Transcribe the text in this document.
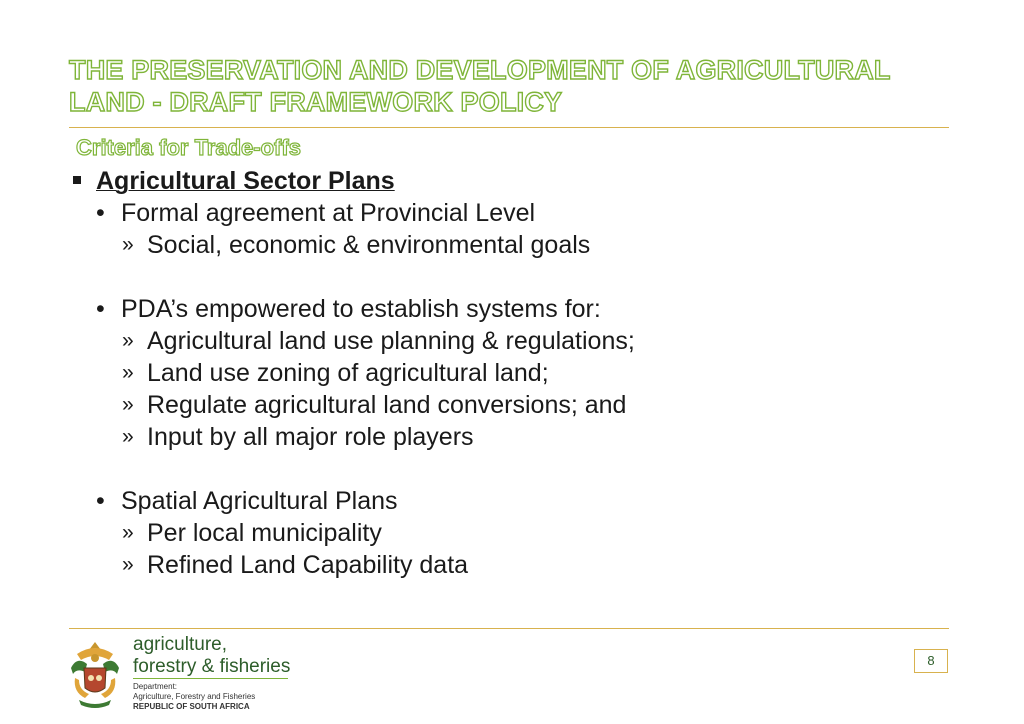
THE PRESERVATION AND DEVELOPMENT OF AGRICULTURAL
LAND - DRAFT FRAMEWORK POLICY
Criteria for Trade-offs
Agricultural Sector Plans
• Formal agreement at Provincial Level
» Social, economic & environmental goals
• PDA’s empowered to establish systems for:
» Agricultural land use planning & regulations;
» Land use zoning of agricultural land;
» Regulate agricultural land conversions; and
» Input by all major role players
• Spatial Agricultural Plans
» Per local municipality
» Refined Land Capability data
agriculture,
forestry & fisheries
Department:
Agriculture, Forestry and Fisheries
REPUBLIC OF SOUTH AFRICA
8
